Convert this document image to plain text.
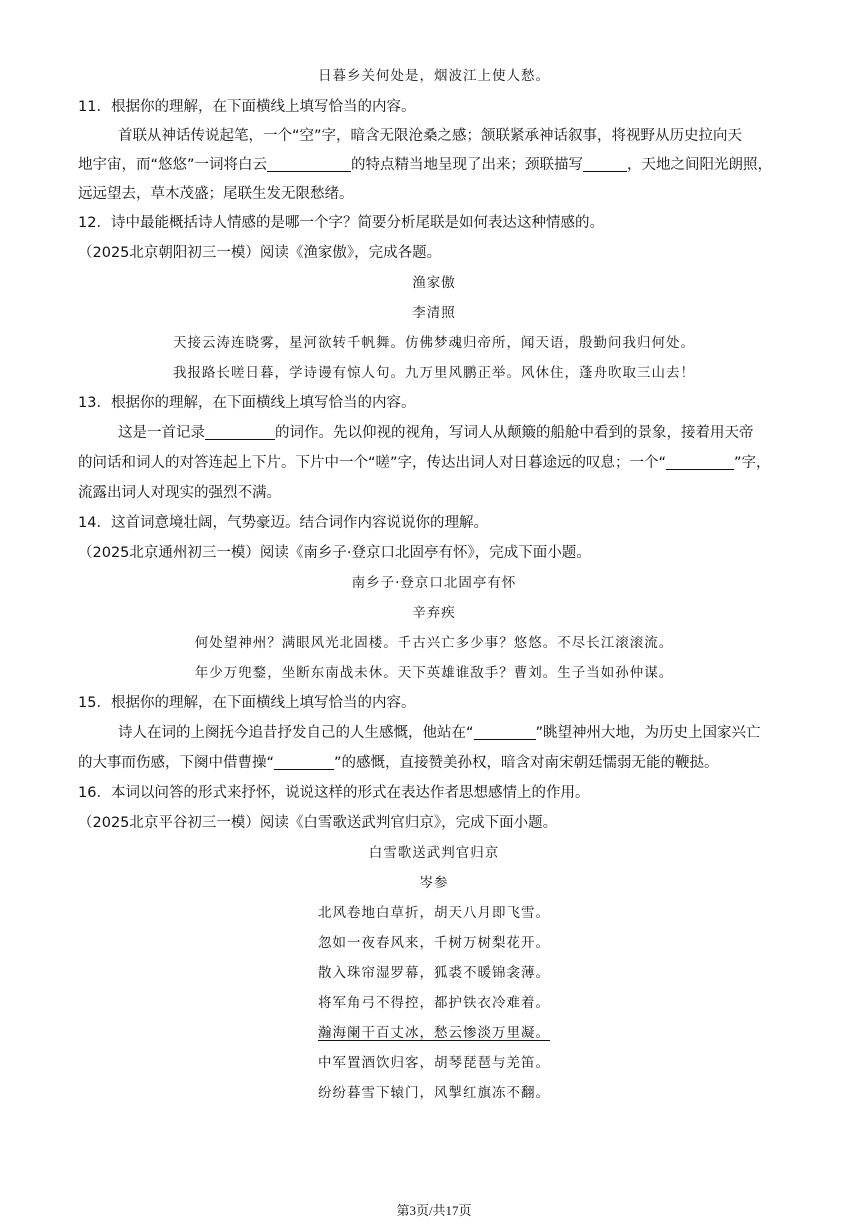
日暮乡关何处是，烟波江上使人愁。
11．根据你的理解，在下面横线上填写恰当的内容。
首联从神话传说起笔，一个“空”字，暗含无限沧桑之感；颔联紧承神话叙事，将视野从历史拉向天
地宇宙，而“悠悠”一词将白云	的特点精当地呈现了出来；颈联描写	，天地之间阳光朗照，
远远望去，草木茂盛；尾联生发无限愁绪。
12．诗中最能概括诗人情感的是哪一个字？简要分析尾联是如何表达这种情感的。
（2025北京朝阳初三一模）阅读《渔家傲》，完成各题。
渔家傲
李清照
天接云涛连晓雾，星河欲转千帆舞。仿佛梦魂归帝所，闻天语，殷勤问我归何处。
我报路长嗟日暮，学诗谩有惊人句。九万里风鹏正举。风休住，蓬舟吹取三山去！
13．根据你的理解，在下面横线上填写恰当的内容。
这是一首记录	的词作。先以仰视的视角，写词人从颠簸的船舱中看到的景象，接着用天帝
的问话和词人的对答连起上下片。下片中一个“嗟”字，传达出词人对日暮途远的叹息；一个“	”字，
流露出词人对现实的强烈不满。
14．这首词意境壮阔，气势豪迈。结合词作内容说说你的理解。
（2025北京通州初三一模）阅读《南乡子·登京口北固亭有怀》，完成下面小题。
南乡子·登京口北固亭有怀
辛弃疾
何处望神州？满眼风光北固楼。千古兴亡多少事？悠悠。不尽长江滚滚流。
年少万兜鍪，坐断东南战未休。天下英雄谁敌手？曹刘。生子当如孙仲谋。
15．根据你的理解，在下面横线上填写恰当的内容。
诗人在词的上阕抚今追昔抒发自己的人生感慨，他站在“	”眺望神州大地，为历史上国家兴亡
的大事而伤感，下阕中借曹操“	”的感慨，直接赞美孙权，暗含对南宋朝廷懦弱无能的鞭挞。
16．本词以问答的形式来抒怀，说说这样的形式在表达作者思想感情上的作用。
（2025北京平谷初三一模）阅读《白雪歌送武判官归京》，完成下面小题。
白雪歌送武判官归京
岑参
北风卷地白草折，胡天八月即飞雪。
忽如一夜春风来，千树万树梨花开。
散入珠帘湿罗幕，狐裘不暖锦衾薄。
将军角弓不得控，都护铁衣冷难着。
瀚海阑干百丈冰，愁云惨淡万里凝。
中军置酒饮归客，胡琴琵琶与羌笛。
纷纷暮雪下辕门，风掣红旗冻不翻。
第3页/共17页
